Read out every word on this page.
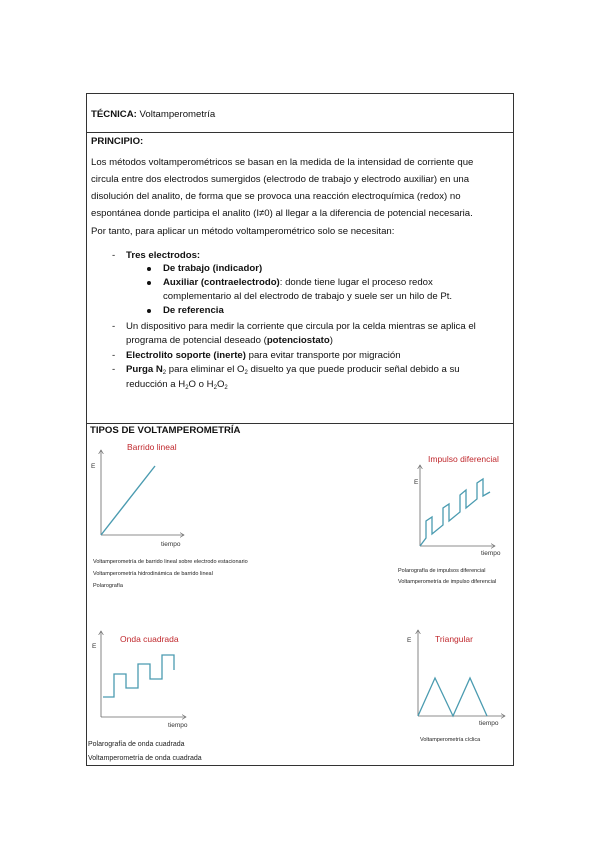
TÉCNICA: Voltamperometría
PRINCIPIO:
Los métodos voltamperométricos se basan en la medida de la intensidad de corriente que
circula entre dos electrodos sumergidos (electrodo de trabajo y electrodo auxiliar) en una
disolución del analito, de forma que se provoca una reacción electroquímica (redox) no
espontánea donde participa el analito (I≠0) al llegar a la diferencia de potencial necesaria.
Por tanto, para aplicar un método voltamperométrico solo se necesitan:
- Tres electrodos:
De trabajo (indicador)
Auxiliar (contraelectrodo): donde tiene lugar el proceso redox
complementario al del electrodo de trabajo y suele ser un hilo de Pt.
De referencia
- Un dispositivo para medir la corriente que circula por la celda mientras se aplica el
programa de potencial deseado (potenciostato)
- Electrolito soporte (inerte) para evitar transporte por migración
- Purga $N_2$ para eliminar el $O_2$ disuelto ya que puede producir señal debido a su
reducción a $H_2O$ o $H_2O_2$
TIPOS DE VOLTAMPEROMETRÍA
Barrido lineal
E
tiempo
Voltamperometría de barrido lineal sobre electrodo estacionario
Voltamperometría hidrodinámica de barrido lineal
Polarografía
Impulso diferencial
E
tiempo
Polarografía de impulsos diferencial
Voltamperometría de impulso diferencial
Onda cuadrada
E
tiempo
Polarografía de onda cuadrada
Voltamperometría de onda cuadrada
Triangular
E
tiempo
Voltamperometría cíclica
